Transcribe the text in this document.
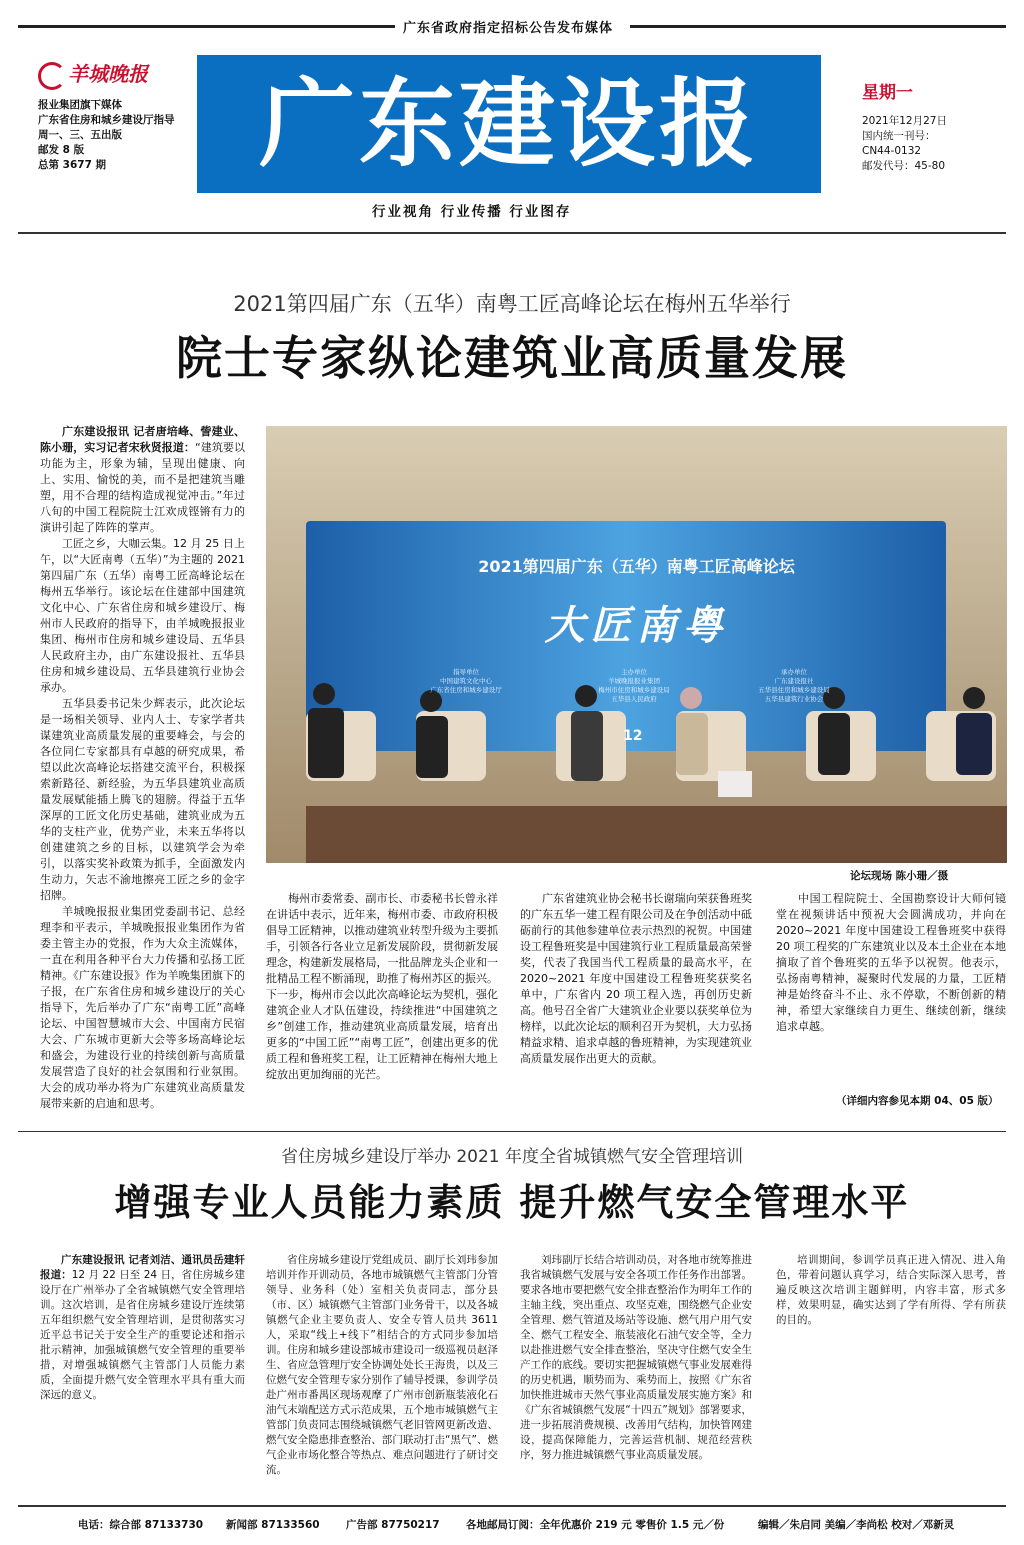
广东省政府指定招标公告发布媒体
羊城晚报
报业集团旗下媒体
广东省住房和城乡建设厅指导
周一、三、五出版
邮发 8 版
总第 3677 期	广东建设报
行业视角 行业传播 行业图存
星期一
2021年12月27日
国内统一刊号：
CN44-0132
邮发代号：45-80
2021第四届广东（五华）南粤工匠高峰论坛在梅州五华举行
院士专家纵论建筑业高质量发展

广东建设报讯 记者唐培峰、訾建业、陈小珊，实习记者宋秋贤报道：“建筑要以功能为主，形象为辅，呈现出健康、向上、实用、愉悦的美，而不是把建筑当雕塑，用不合理的结构造成视觉冲击。”年过八旬的中国工程院院士江欢成铿锵有力的演讲引起了阵阵的掌声。

工匠之乡，大咖云集。12 月 25 日上午，以“大匠南粤（五华）”为主题的 2021 第四届广东（五华）南粤工匠高峰论坛在梅州五华举行。该论坛在住建部中国建筑文化中心、广东省住房和城乡建设厅、梅州市人民政府的指导下，由羊城晚报报业集团、梅州市住房和城乡建设局、五华县人民政府主办，由广东建设报社、五华县住房和城乡建设局、五华县建筑行业协会承办。

五华县委书记朱少辉表示，此次论坛是一场相关领导、业内人士、专家学者共谋建筑业高质量发展的重要峰会，与会的各位同仁专家都具有卓越的研究成果，希望以此次高峰论坛搭建交流平台，积极探索新路径、新经验，为五华县建筑业高质量发展赋能插上腾飞的翅膀。得益于五华深厚的工匠文化历史基础，建筑业成为五华的支柱产业，优势产业，未来五华将以创建建筑之乡的目标，以建筑学会为牵引，以落实奖补政策为抓手，全面激发内生动力，矢志不渝地擦亮工匠之乡的金字招牌。

羊城晚报报业集团党委副书记、总经理李和平表示，羊城晚报报业集团作为省委主管主办的党报，作为大众主流媒体，一直在利用各种平台大力传播和弘扬工匠精神。《广东建设报》作为羊晚集团旗下的子报，在广东省住房和城乡建设厅的关心指导下，先后举办了广东“南粤工匠”高峰论坛、中国智慧城市大会、中国南方民宿大会、广东城市更新大会等多场高峰论坛和盛会，为建设行业的持续创新与高质量发展营造了良好的社会氛围和行业氛围。大会的成功举办将为广东建筑业高质量发展带来新的启迪和思考。

2021第四届广东（五华）南粤工匠高峰论坛
大匠南粤
指导单位
中国建筑文化中心
广东省住房和城乡建设厅
主办单位
羊城晚报报业集团
梅州市住房和城乡建设局
五华县人民政府
承办单位
广东建设报社
五华县住房和城乡建设局
五华县建筑行业协会
12
论坛现场 陈小珊／摄

梅州市委常委、副市长、市委秘书长曾永祥在讲话中表示，近年来，梅州市委、市政府积极倡导工匠精神，以推动建筑业转型升级为主要抓手，引领各行各业立足新发展阶段，贯彻新发展理念，构建新发展格局，一批品牌龙头企业和一批精品工程不断涌现，助推了梅州苏区的振兴。下一步，梅州市会以此次高峰论坛为契机，强化建筑企业人才队伍建设，持续推进“中国建筑之乡”创建工作，推动建筑业高质量发展，培育出更多的“中国工匠”“南粤工匠”，创建出更多的优质工程和鲁班奖工程，让工匠精神在梅州大地上绽放出更加绚丽的光芒。

广东省建筑业协会秘书长谢瑞向荣获鲁班奖的广东五华一建工程有限公司及在争创活动中砥砺前行的其他参建单位表示热烈的祝贺。中国建设工程鲁班奖是中国建筑行业工程质量最高荣誉奖，代表了我国当代工程质量的最高水平，在 2020~2021 年度中国建设工程鲁班奖获奖名单中，广东省内 20 项工程入选，再创历史新高。他号召全省广大建筑业企业要以获奖单位为榜样，以此次论坛的顺利召开为契机，大力弘扬精益求精、追求卓越的鲁班精神，为实现建筑业高质量发展作出更大的贡献。

中国工程院院士、全国勘察设计大师何镜堂在视频讲话中预祝大会圆满成功，并向在 2020~2021 年度中国建设工程鲁班奖中获得 20 项工程奖的广东建筑业以及本土企业在本地摘取了首个鲁班奖的五华予以祝贺。他表示，弘扬南粤精神，凝聚时代发展的力量，工匠精神是始终奋斗不止、永不停歇，不断创新的精神，希望大家继续自力更生、继续创新，继续追求卓越。

（详细内容参见本期 04、05 版）
省住房城乡建设厅举办 2021 年度全省城镇燃气安全管理培训
增强专业人员能力素质 提升燃气安全管理水平

广东建设报讯 记者刘洁、通讯员岳建轩报道：12 月 22 日至 24 日，省住房城乡建设厅在广州举办了全省城镇燃气安全管理培训。这次培训，是省住房城乡建设厅连续第五年组织燃气安全管理培训，是贯彻落实习近平总书记关于安全生产的重要论述和指示批示精神，加强城镇燃气安全管理的重要举措，对增强城镇燃气主管部门人员能力素质，全面提升燃气安全管理水平具有重大而深远的意义。

省住房城乡建设厅党组成员、副厅长刘玮参加培训并作开训动员，各地市城镇燃气主管部门分管领导、业务科（处）室相关负责同志，部分县（市、区）城镇燃气主管部门业务骨干，以及各城镇燃气企业主要负责人、安全专管人员共 3611 人，采取“线上+线下”相结合的方式同步参加培训。住房和城乡建设部城市建设司一级巡视员赵泽生、省应急管理厅安全协调处处长王海贵，以及三位燃气安全管理专家分别作了辅导授课，参训学员赴广州市番禺区现场观摩了广州市创新瓶装液化石油气末端配送方式示范成果，五个地市城镇燃气主管部门负责同志围绕城镇燃气老旧管网更新改造、燃气安全隐患排查整治、部门联动打击“黑气”、燃气企业市场化整合等热点、难点问题进行了研讨交流。

刘玮副厅长结合培训动员，对各地市统筹推进我省城镇燃气发展与安全各项工作任务作出部署。要求各地市要把燃气安全排查整治作为明年工作的主轴主线，突出重点、攻坚克难，围绕燃气企业安全管理、燃气管道及场站等设施、燃气用户用气安全、燃气工程安全、瓶装液化石油气安全等，全力以赴推进燃气安全排查整治，坚决守住燃气安全生产工作的底线。要切实把握城镇燃气事业发展难得的历史机遇，顺势而为、乘势而上，按照《广东省加快推进城市天然气事业高质量发展实施方案》和《广东省城镇燃气发展“十四五”规划》部署要求，进一步拓展消费规模、改善用气结构，加快管网建设，提高保障能力，完善运营机制、规范经营秩序，努力推进城镇燃气事业高质量发展。

培训期间，参训学员真正进入情况、进入角色，带着问题认真学习，结合实际深入思考，普遍反映这次培训主题鲜明，内容丰富，形式多样，效果明显，确实达到了学有所得、学有所获的目的。

电话：综合部 87133730 新闻部 87133560	广告部 87750217	各地邮局订阅：全年优惠价 219 元 零售价 1.5 元／份	编辑／朱启同 美编／李尚松 校对／邓新灵
